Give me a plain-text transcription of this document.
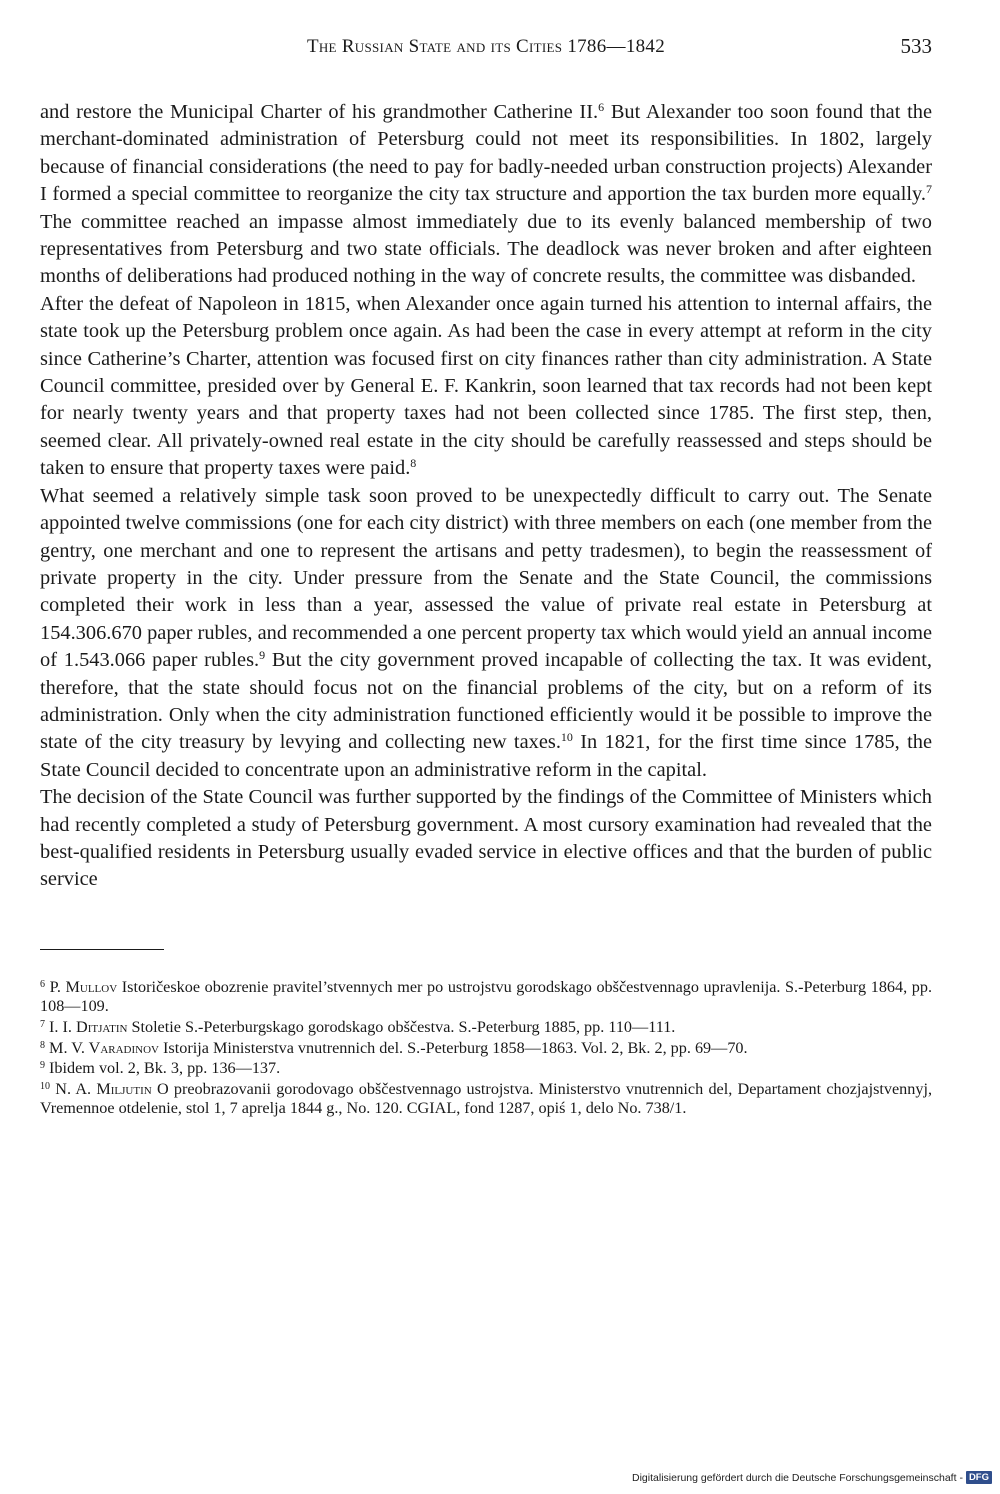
The Russian State and its Cities 1786—1842	533

and restore the Municipal Charter of his grandmother Catherine II.$^6$ But Alexander too soon found that the merchant-dominated administration of Petersburg could not meet its responsibilities. In 1802, largely because of financial considerations (the need to pay for badly-needed urban construction projects) Alexander I formed a special committee to reorganize the city tax structure and apportion the tax burden more equally.$^7$ The committee reached an impasse almost immediately due to its evenly balanced membership of two representatives from Petersburg and two state officials. The deadlock was never broken and after eighteen months of deliberations had produced nothing in the way of concrete results, the committee was disbanded.

After the defeat of Napoleon in 1815, when Alexander once again turned his attention to internal affairs, the state took up the Petersburg problem once again. As had been the case in every attempt at reform in the city since Catherine’s Charter, attention was focused first on city finances rather than city administration. A State Council committee, presided over by General E. F. Kankrin, soon learned that tax records had not been kept for nearly twenty years and that property taxes had not been collected since 1785. The first step, then, seemed clear. All privately-owned real estate in the city should be carefully reassessed and steps should be taken to ensure that property taxes were paid.$^8$

What seemed a relatively simple task soon proved to be unexpectedly difficult to carry out. The Senate appointed twelve commissions (one for each city district) with three members on each (one member from the gentry, one merchant and one to represent the artisans and petty tradesmen), to begin the reassessment of private property in the city. Under pressure from the Senate and the State Council, the commissions completed their work in less than a year, assessed the value of private real estate in Petersburg at 154.306.670 paper rubles, and recommended a one percent property tax which would yield an annual income of 1.543.066 paper rubles.$^9$ But the city government proved incapable of collecting the tax. It was evident, therefore, that the state should focus not on the financial problems of the city, but on a reform of its administration. Only when the city administration functioned efficiently would it be possible to improve the state of the city treasury by levying and collecting new taxes.$^{10}$ In 1821, for the first time since 1785, the State Council decided to concentrate upon an administrative reform in the capital.

The decision of the State Council was further supported by the findings of the Committee of Ministers which had recently completed a study of Petersburg government. A most cursory examination had revealed that the best-qualified residents in Petersburg usually evaded service in elective offices and that the burden of public service

$^6$ P. Mullov Istoričeskoe obozrenie pravitel’stvennych mer po ustrojstvu gorodskago obščestvennago upravlenija. S.-Peterburg 1864, pp. 108—109.
$^7$ I. I. Ditjatin Stoletie S.-Peterburgskago gorodskago obščestva. S.-Peterburg 1885, pp. 110—111.
$^8$ M. V. Varadinov Istorija Ministerstva vnutrennich del. S.-Peterburg 1858—1863. Vol. 2, Bk. 2, pp. 69—70.
$^9$ Ibidem vol. 2, Bk. 3, pp. 136—137.
$^{10}$ N. A. Miljutin O preobrazovanii gorodovago obščestvennago ustrojstva. Ministerstvo vnutrennich del, Departament chozjajstvennyj, Vremennoe otdelenie, stol 1, 7 aprelja 1844 g., No. 120. CGIAL, fond 1287, opiś 1, delo No. 738/1.
Digitalisierung gefördert durch die Deutsche Forschungsgemeinschaft - DFG
